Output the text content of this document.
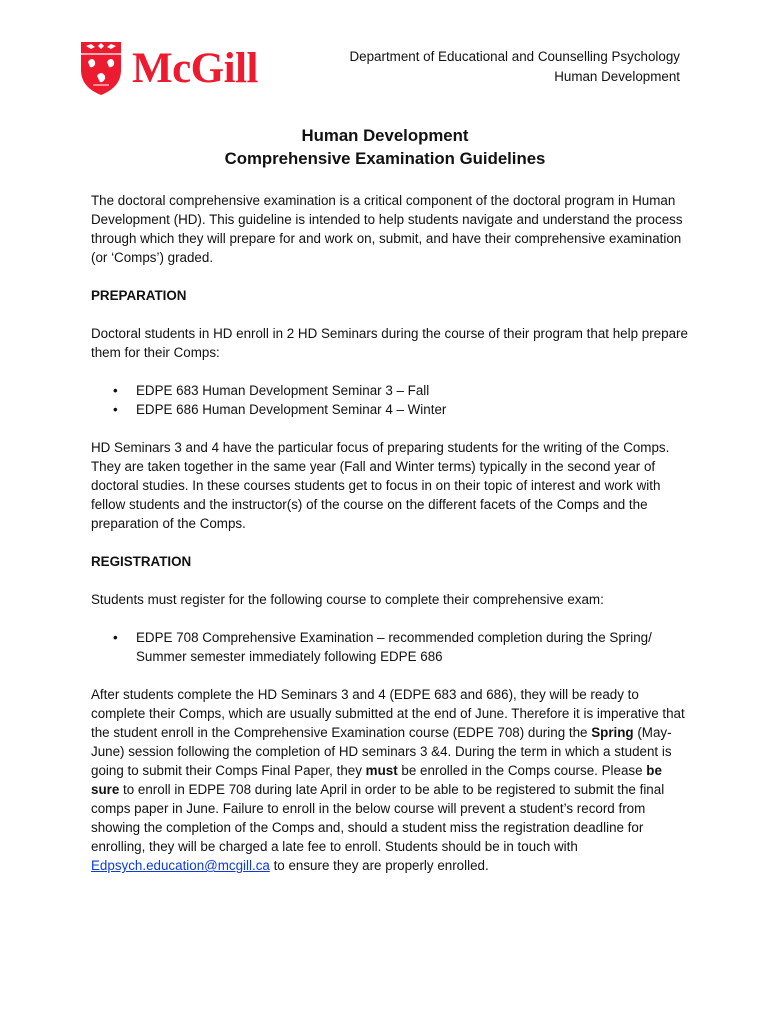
McGill	Department of Educational and Counselling Psychology
Human Development
Human Development
Comprehensive Examination Guidelines

The doctoral comprehensive examination is a critical component of the doctoral program in Human Development (HD). This guideline is intended to help students navigate and understand the process through which they will prepare for and work on, submit, and have their comprehensive examination (or ‘Comps’) graded.

PREPARATION

Doctoral students in HD enroll in 2 HD Seminars during the course of their program that help prepare them for their Comps:

• EDPE 683 Human Development Seminar 3 – Fall
• EDPE 686 Human Development Seminar 4 – Winter

HD Seminars 3 and 4 have the particular focus of preparing students for the writing of the Comps. They are taken together in the same year (Fall and Winter terms) typically in the second year of doctoral studies. In these courses students get to focus in on their topic of interest and work with fellow students and the instructor(s) of the course on the different facets of the Comps and the preparation of the Comps.

REGISTRATION

Students must register for the following course to complete their comprehensive exam:

• EDPE 708 Comprehensive Examination – recommended completion during the Spring/ Summer semester immediately following EDPE 686

After students complete the HD Seminars 3 and 4 (EDPE 683 and 686), they will be ready to complete their Comps, which are usually submitted at the end of June. Therefore it is imperative that the student enroll in the Comprehensive Examination course (EDPE 708) during the Spring (May-June) session following the completion of HD seminars 3 &4. During the term in which a student is going to submit their Comps Final Paper, they must be enrolled in the Comps course. Please be sure to enroll in EDPE 708 during late April in order to be able to be registered to submit the final comps paper in June. Failure to enroll in the below course will prevent a student’s record from showing the completion of the Comps and, should a student miss the registration deadline for enrolling, they will be charged a late fee to enroll. Students should be in touch with Edpsych.education@mcgill.ca to ensure they are properly enrolled.
